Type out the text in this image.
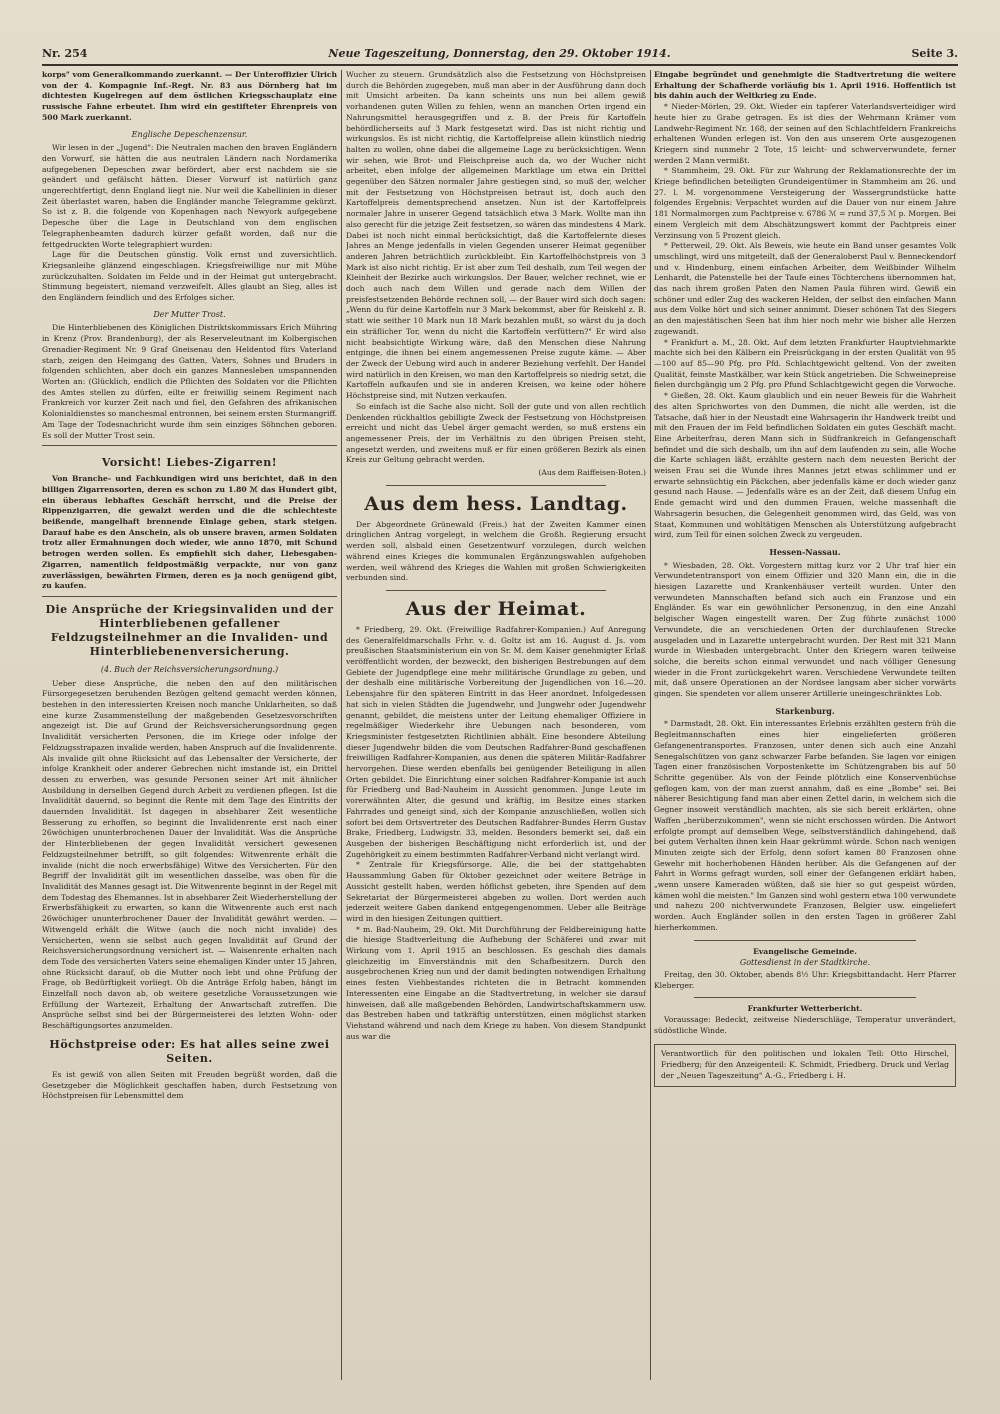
Nr. 254	Neue Tageszeitung, Donnerstag, den 29. Oktober 1914.	Seite 3.

korps" vom Generalkommando zuerkannt. — Der Unteroffizier Ulrich von der 4. Kompagnie Inf.-Regt. Nr. 83 aus Dörnberg hat im dichtesten Kugelregen auf dem östlichen Kriegsschauplatz eine russische Fahne erbeutet. Ihm wird ein gestifteter Ehrenpreis von 500 Mark zuerkannt.

Englische Depeschenzensur.

Wir lesen in der „Jugend": Die Neutralen machen den braven Engländern den Vorwurf, sie hätten die aus neutralen Ländern nach Nordamerika aufgegebenen Depeschen zwar befördert, aber erst nachdem sie sie geändert und gefälscht hätten. Dieser Vorwurf ist natürlich ganz ungerechtfertigt, denn England liegt nie. Nur weil die Kabellinien in dieser Zeit überlastet waren, haben die Engländer manche Telegramme gekürzt. So ist z. B. die folgende von Kopenhagen nach Newyork aufgegebene Depesche über die Lage in Deutschland von dem englischen Telegraphenbeamten dadurch kürzer gefaßt worden, daß nur die fettgedruckten Worte telegraphiert wurden:

Lage für die Deutschen günstig. Volk ernst und zuversichtlich. Kriegsanleihe glänzend eingeschlagen. Kriegsfreiwillige nur mit Mühe zurückzuhalten. Soldaten im Felde und in der Heimat gut untergebracht. Stimmung begeistert, niemand verzweifelt. Alles glaubt an Sieg, alles ist den Engländern feindlich und des Erfolges sicher.

Der Mutter Trost.

Die Hinterbliebenen des Königlichen Distriktskommissars Erich Mühring in Krenz (Prov. Brandenburg), der als Reserveleutnant im Kolbergischen Grenadier-Regiment Nr. 9 Graf Gneisenau den Heldentod fürs Vaterland starb, zeigen den Heimgang des Gatten, Vaters, Sohnes und Bruders in folgenden schlichten, aber doch ein ganzes Mannesleben umspannenden Worten an: (Glücklich, endlich die Pflichten des Soldaten vor die Pflichten des Amtes stellen zu dürfen, eilte er freiwillig seinem Regiment nach Frankreich vor kurzer Zeit nach und fiel, den Gefahren des afrikanischen Kolonialdienstes so manchesmal entronnen, bei seinem ersten Sturmangriff. Am Tage der Todesnachricht wurde ihm sein einziges Söhnchen geboren. Es soll der Mutter Trost sein.

Vorsicht! Liebes-Zigarren!

Von Branche- und Fachkundigen wird uns berichtet, daß in den billigen Zigarrensorten, deren es schon zu 1.80 ℳ das Hundert gibt, ein überaus lebhaftes Geschäft herrscht, und die Preise der Rippenzigarren, die gewalzt werden und die die schlechteste beißende, mangelhaft brennende Einlage geben, stark steigen. Darauf habe es den Anschein, als ob unsere braven, armen Soldaten trotz aller Ermahnungen doch wieder, wie anno 1870, mit Schund betrogen werden sollen. Es empfiehlt sich daher, Liebesgaben-Zigarren, namentlich feldpostmäßig verpackte, nur von ganz zuverlässigen, bewährten Firmen, deren es ja noch genügend gibt, zu kaufen.

Die Ansprüche der Kriegsinvaliden und der Hinterbliebenen gefallener Feldzugsteilnehmer an die Invaliden- und Hinterbliebenenversicherung.
(4. Buch der Reichsversicherungsordnung.)

Ueber diese Ansprüche, die neben den auf den militärischen Fürsorgegesetzen beruhenden Bezügen geltend gemacht werden können, bestehen in den interessierten Kreisen noch manche Unklarheiten, so daß eine kurze Zusammenstellung der maßgebenden Gesetzesvorschriften angezeigt ist. Die auf Grund der Reichsversicherungsordnung gegen Invalidität versicherten Personen, die im Kriege oder infolge der Feldzugsstrapazen invalide werden, haben Anspruch auf die Invalidenrente. Als invalide gilt ohne Rücksicht auf das Lebensalter der Versicherte, der infolge Krankheit oder anderer Gebrechen nicht imstande ist, ein Drittel dessen zu erwerben, was gesunde Personen seiner Art mit ähnlicher Ausbildung in derselben Gegend durch Arbeit zu verdienen pflegen. Ist die Invalidität dauernd, so beginnt die Rente mit dem Tage des Eintritts der dauernden Invalidität. Ist dagegen in absehbarer Zeit wesentliche Besserung zu erhoffen, so beginnt die Invalidenrente erst nach einer 26wöchigen ununterbrochenen Dauer der Invalidität. Was die Ansprüche der Hinterbliebenen der gegen Invalidität versichert gewesenen Feldzugsteilnehmer betrifft, so gilt folgendes: Witwenrente erhält die invalide (nicht die noch erwerbsfähige) Witwe des Versicherten. Für den Begriff der Invalidität gilt im wesentlichen dasselbe, was oben für die Invalidität des Mannes gesagt ist. Die Witwenrente beginnt in der Regel mit dem Todestag des Ehemannes. Ist in absehbarer Zeit Wiederherstellung der Erwerbsfähigkeit zu erwarten, so kann die Witwenrente auch erst nach 26wöchiger ununterbrochener Dauer der Invalidität gewährt werden. — Witwengeld erhält die Witwe (auch die noch nicht invalide) des Versicherten, wenn sie selbst auch gegen Invalidität auf Grund der Reichsversicherungsordnung versichert ist. — Waisenrente erhalten nach dem Tode des versicherten Vaters seine ehemaligen Kinder unter 15 Jahren, ohne Rücksicht darauf, ob die Mutter noch lebt und ohne Prüfung der Frage, ob Bedürftigkeit vorliegt. Ob die Anträge Erfolg haben, hängt im Einzelfall noch davon ab, ob weitere gesetzliche Voraussetzungen wie Erfüllung der Wartezeit, Erhaltung der Anwartschaft zutreffen. Die Ansprüche selbst sind bei der Bürgermeisterei des letzten Wohn- oder Beschäftigungsortes anzumelden.

Höchstpreise oder: Es hat alles seine zwei Seiten.

Es ist gewiß von allen Seiten mit Freuden begrüßt worden, daß die Gesetzgeber die Möglichkeit geschaffen haben, durch Festsetzung von Höchstpreisen für Lebensmittel dem

Wucher zu steuern. Grundsätzlich also die Festsetzung von Höchstpreisen durch die Behörden zugegeben, muß man aber in der Ausführung dann doch mit Umsicht arbeiten. Da kann scheints uns nun bei allem gewiß vorhandenen guten Willen zu fehlen, wenn an manchen Orten irgend ein Nahrungsmittel herausgegriffen und z. B. der Preis für Kartoffeln behördlicherseits auf 3 Mark festgesetzt wird. Das ist nicht richtig und wirkungslos. Es ist nicht richtig, die Kartoffelpreise allein künstlich niedrig halten zu wollen, ohne dabei die allgemeine Lage zu berücksichtigen. Wenn wir sehen, wie Brot- und Fleischpreise auch da, wo der Wucher nicht arbeitet, eben infolge der allgemeinen Marktlage um etwa ein Drittel gegenüber den Sätzen normaler Jahre gestiegen sind, so muß der, welcher mit der Festsetzung von Höchstpreisen betraut ist, doch auch den Kartoffelpreis dementsprechend ansetzen. Nun ist der Kartoffelpreis normaler Jahre in unserer Gegend tatsächlich etwa 3 Mark. Wollte man ihn also gerecht für die jetzige Zeit festsetzen, so wären das mindestens 4 Mark. Dabei ist noch nicht einmal berücksichtigt, daß die Kartoffelernte dieses Jahres an Menge jedenfalls in vielen Gegenden unserer Heimat gegenüber anderen Jahren beträchtlich zurückbleibt. Ein Kartoffelhöchstpreis von 3 Mark ist also nicht richtig. Er ist aber zum Teil deshalb, zum Teil wegen der Kleinheit der Bezirke auch wirkungslos. Der Bauer, welcher rechnet, wie er doch auch nach dem Willen und gerade nach dem Willen der preisfestsetzenden Behörde rechnen soll, — der Bauer wird sich doch sagen: „Wenn du für deine Kartoffeln nur 3 Mark bekommst, aber für Reiskehl z. B. statt wie seither 10 Mark nun 18 Mark bezahlen mußt, so wärst du ja doch ein sträflicher Tor, wenn du nicht die Kartoffeln verfüttern?" Er wird also nicht beabsichtigte Wirkung wäre, daß den Menschen diese Nahrung entginge, die ihnen bei einem angemessenen Preise zugute käme. — Aber der Zweck der Uebung wird auch in anderer Beziehung verfehlt. Der Handel wird natürlich in den Kreisen, wo man den Kartoffelpreis so niedrig setzt, die Kartoffeln aufkaufen und sie in anderen Kreisen, wo keine oder höhere Höchstpreise sind, mit Nutzen verkaufen.

So einfach ist die Sache also nicht. Soll der gute und von allen rechtlich Denkenden rückhaltlos gebilligte Zweck der Festsetzung von Höchstpreisen erreicht und nicht das Uebel ärger gemacht werden, so muß erstens ein angemessener Preis, der im Verhältnis zu den übrigen Preisen steht, angesetzt werden, und zweitens muß er für einen größeren Bezirk als einen Kreis zur Geltung gebracht werden.

(Aus dem Raiffeisen-Boten.)
Aus dem hess. Landtag.

Der Abgeordnete Grünewald (Freis.) hat der Zweiten Kammer einen dringlichen Antrag vorgelegt, in welchem die Großh. Regierung ersucht werden soll, alsbald einen Gesetzentwurf vorzulegen, durch welchen während eines Krieges die kommunalen Ergänzungswahlen aufgehoben werden, weil während des Krieges die Wahlen mit großen Schwierigkeiten verbunden sind.

Aus der Heimat.

* Friedberg, 29. Okt. (Freiwillige Radfahrer-Kompanien.) Auf Anregung des Generalfeldmarschalls Frhr. v. d. Goltz ist am 16. August d. Js. vom preußischen Staatsministerium ein von Sr. M. dem Kaiser genehmigter Erlaß veröffentlicht worden, der bezweckt, den bisherigen Bestrebungen auf dem Gebiete der Jugendpflege eine mehr militärische Grundlage zu geben, und der deshalb eine militärische Vorbereitung der Jugendlichen von 16.—20. Lebensjahre für den späteren Eintritt in das Heer anordnet. Infolgedessen hat sich in vielen Städten die Jugendwehr, und Jungwehr oder Jugendwehr genannt, gebildet, die meistens unter der Leitung ehemaliger Offiziere in regelmäßiger Wiederkehr ihre Uebungen nach besonderen, vom Kriegsminister festgesetzten Richtlinien abhält. Eine besondere Abteilung dieser Jugendwehr bilden die vom Deutschen Radfahrer-Bund geschaffenen freiwilligen Radfahrer-Kompanien, aus denen die späteren Militär-Radfahrer hervorgehen. Diese werden ebenfalls bei genügender Beteiligung in allen Orten gebildet. Die Einrichtung einer solchen Radfahrer-Kompanie ist auch für Friedberg und Bad-Nauheim in Aussicht genommen. Junge Leute im vorerwähnten Alter, die gesund und kräftig, im Besitze eines starken Fahrrades und geneigt sind, sich der Kompanie anzuschließen, wollen sich sofort bei dem Ortsvertreter des Deutschen Radfahrer-Bundes Herrn Gustav Brake, Friedberg, Ludwigstr. 33, melden. Besonders bemerkt sei, daß ein Ausgeben der bisherigen Beschäftigung nicht erforderlich ist, und der Zugehörigkeit zu einem bestimmten Radfahrer-Verband nicht verlangt wird.

* Zentrale für Kriegsfürsorge. Alle, die bei der stattgehabten Haussammlung Gaben für Oktober gezeichnet oder weitere Beträge in Aussicht gestellt haben, werden höflichst gebeten, ihre Spenden auf dem Sekretariat der Bürgermeisterei abgeben zu wollen. Dort werden auch jederzeit weitere Gaben dankend entgegengenommen. Ueber alle Beiträge wird in den hiesigen Zeitungen quittiert.

* m. Bad-Nauheim, 29. Okt. Mit Durchführung der Feldbereinigung hatte die hiesige Stadtverleitung die Aufhebung der Schäferei und zwar mit Wirkung vom 1. April 1915 an beschlossen. Es geschah dies damals gleichzeitig im Einverständnis mit den Schafbesitzern. Durch den ausgebrochenen Krieg nun und der damit bedingten notwendigen Erhaltung eines festen Viehbestandes richteten die in Betracht kommenden Interessenten eine Eingabe an die Stadtvertretung, in welcher sie darauf hinweisen, daß alle maßgebenden Behörden, Landwirtschaftskammern usw. das Bestreben haben und tatkräftig unterstützen, einen möglichst starken Viehstand während und nach dem Kriege zu haben. Von diesem Standpunkt aus war die

Eingabe begründet und genehmigte die Stadtvertretung die weitere Erhaltung der Schafherde vorläufig bis 1. April 1916. Hoffentlich ist bis dahin auch der Weltkrieg zu Ende.

* Nieder-Mörlen, 29. Okt. Wieder ein tapferer Vaterlandsverteidiger wird heute hier zu Grabe getragen. Es ist dies der Wehrmann Krämer vom Landwehr-Regiment Nr. 168, der seinen auf den Schlachtfeldern Frankreichs erhaltenen Wunden erlegen ist. Von den aus unserem Orte ausgezogenen Kriegern sind nunmehr 2 Tote, 15 leicht- und schwerverwundete, ferner werden 2 Mann vermißt.

* Stammheim, 29. Okt. Für zur Wahrung der Reklamationsrechte der im Kriege befindlichen beteiligten Grundeigentümer in Stammheim am 26. und 27. l. M. vorgenommene Versteigerung der Wassergrundstücke hatte folgendes Ergebnis: Verpachtet wurden auf die Dauer von nur einem Jahre 181 Normalmorgen zum Pachtpreise v. 6786 ℳ = rund 37,5 ℳ p. Morgen. Bei einem Vergleich mit dem Abschätzungswert kommt der Pachtpreis einer Verzinsung von 5 Prozent gleich.

* Petterweil, 29. Okt. Als Beweis, wie heute ein Band unser gesamtes Volk umschlingt, wird uns mitgeteilt, daß der Generaloberst Paul v. Benneckendorf und v. Hindenburg, einem einfachen Arbeiter, dem Weißbinder Wilhelm Lenhardt, die Patenstelle bei der Taufe eines Töchterchens übernommen hat, das nach ihrem großen Paten den Namen Paula führen wird. Gewiß ein schöner und edler Zug des wackeren Helden, der selbst den einfachen Mann aus dem Volke hört und sich seiner annimmt. Dieser schönen Tat des Siegers an den majestätischen Seen hat ihm hier noch mehr wie bisher alle Herzen zugewandt.

* Frankfurt a. M., 28. Okt. Auf dem letzten Frankfurter Hauptviehmarkte machte sich bei den Kälbern ein Preisrückgang in der ersten Qualität von 95—100 auf 85—90 Pfg. pro Pfd. Schlachtgewicht geltend. Von der zweiten Qualität, feinste Mastkälber, war kein Stück angetrieben. Die Schweinepreise fielen durchgängig um 2 Pfg. pro Pfund Schlachtgewicht gegen die Vorwoche.

* Gießen, 28. Okt. Kaum glaublich und ein neuer Beweis für die Wahrheit des alten Sprichwortes von den Dummen, die nicht alle werden, ist die Tatsache, daß hier in der Neustadt eine Wahrsagerin ihr Handwerk treibt und mit den Frauen der im Feld befindlichen Soldaten ein gutes Geschäft macht. Eine Arbeiterfrau, deren Mann sich in Südfrankreich in Gefangenschaft befindet und die sich deshalb, um ihn auf dem laufenden zu sein, alle Woche die Karte schlagen läßt, erzählte gestern nach dem neuesten Bericht der weisen Frau sei die Wunde ihres Mannes jetzt etwas schlimmer und er erwarte sehnsüchtig ein Päckchen, aber jedenfalls käme er doch wieder ganz gesund nach Hause. — Jedenfalls wäre es an der Zeit, daß diesem Unfug ein Ende gemacht wird und den dummen Frauen, welche massenhaft die Wahrsagerin besuchen, die Gelegenheit genommen wird, das Geld, was von Staat, Kommunen und wohltätigen Menschen als Unterstützung aufgebracht wird, zum Teil für einen solchen Zweck zu vergeuden.

Hessen-Nassau.

* Wiesbaden, 28. Okt. Vorgestern mittag kurz vor 2 Uhr traf hier ein Verwundetentransport von einem Offizier und 320 Mann ein, die in die hiesigen Lazarette und Krankenhäuser verteilt wurden. Unter den verwundeten Mannschaften befand sich auch ein Franzose und ein Engländer. Es war ein gewöhnlicher Personenzug, in den eine Anzahl belgischer Wagen eingestellt waren. Der Zug führte zunächst 1000 Verwundete, die an verschiedenen Orten der durchlaufenen Strecke ausgeladen und in Lazarette untergebracht wurden. Der Rest mit 321 Mann wurde in Wiesbaden untergebracht. Unter den Kriegern waren teilweise solche, die bereits schon einmal verwundet und nach völliger Genesung wieder in die Front zurückgekehrt waren. Verschiedene Verwundete teilten mit, daß unsere Operationen an der Nordsee langsam aber sicher vorwärts gingen. Sie spendeten vor allem unserer Artillerie uneingeschränktes Lob.

Starkenburg.

* Darmstadt, 28. Okt. Ein interessantes Erlebnis erzählten gestern früh die Begleitmannschaften eines hier eingelieferten größeren Gefangenentransportes. Franzosen, unter denen sich auch eine Anzahl Senegalschützen von ganz schwarzer Farbe befanden. Sie lagen vor einigen Tagen einer französischen Vorpostenkette im Schützengraben bis auf 50 Schritte gegenüber. Als von der Feinde plötzlich eine Konservenbüchse geflogen kam, von der man zuerst annahm, daß es eine „Bombe" sei. Bei näherer Besichtigung fand man aber einen Zettel darin, in welchem sich die Gegner insoweit verständlich machten, als sie sich bereit erklärten, ohne Waffen „herüberzukommen", wenn sie nicht erschossen würden. Die Antwort erfolgte prompt auf demselben Wege, selbstverständlich dahingehend, daß bei gutem Verhalten ihnen kein Haar gekrümmt würde. Schon nach wenigen Minuten zeigte sich der Erfolg, denn sofort kamen 80 Franzosen ohne Gewehr mit hocherhobenen Händen herüber. Als die Gefangenen auf der Fahrt in Worms gefragt wurden, soll einer der Gefangenen erklärt haben, „wenn unsere Kameraden wüßten, daß sie hier so gut gespeist würden, kämen wohl die meisten." Im Ganzen sind wohl gestern etwa 100 verwundete und nahezu 200 nichtverwundete Franzosen, Belgier usw. eingeliefert worden. Auch Engländer sollen in den ersten Tagen in größerer Zahl hierherkommen.

Evangelische Gemeinde.
Gottesdienst in der Stadtkirche.

Freitag, den 30. Oktober, abends 8½ Uhr: Kriegsbittandacht. Herr Pfarrer Kleberger.

Frankfurter Wetterbericht.

Voraussage: Bedeckt, zeitweise Niederschläge, Temperatur unverändert, südöstliche Winde.

Verantwortlich für den politischen und lokalen Teil: Otto Hirschel, Friedberg; für den Anzeigenteil: K. Schmidt, Friedberg. Druck und Verlag der „Neuen Tageszeitung" A.-G., Friedberg i. H.
